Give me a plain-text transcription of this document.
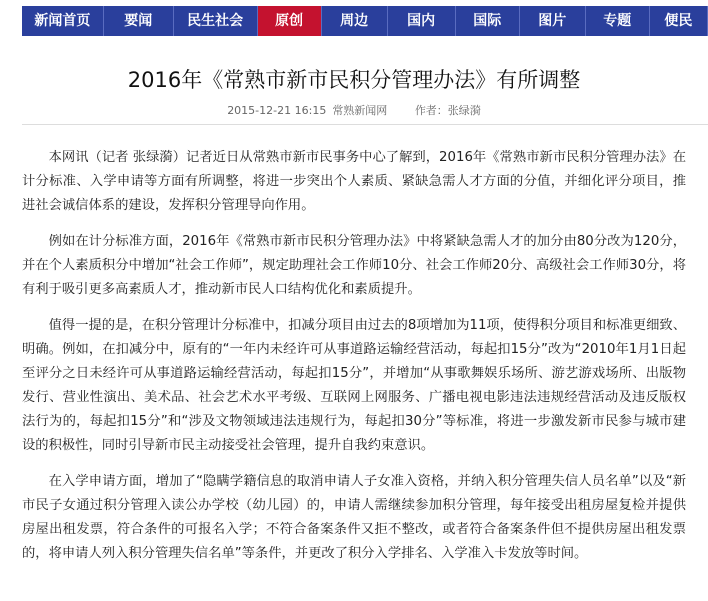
新闻首页	要闻	民生社会	原创	周边	国内	国际	图片	专题	便民
2016年《常熟市新市民积分管理办法》有所调整
2015-12-21 16:15 常熟新闻网	作者：张绿漪

本网讯（记者 张绿漪）记者近日从常熟市新市民事务中心了解到，2016年《常熟市新市民积分管理办法》在计分标准、入学申请等方面有所调整，将进一步突出个人素质、紧缺急需人才方面的分值，并细化评分项目，推进社会诚信体系的建设，发挥积分管理导向作用。

例如在计分标准方面，2016年《常熟市新市民积分管理办法》中将紧缺急需人才的加分由80分改为120分，并在个人素质积分中增加“社会工作师”，规定助理社会工作师10分、社会工作师20分、高级社会工作师30分，将有利于吸引更多高素质人才，推动新市民人口结构优化和素质提升。

值得一提的是，在积分管理计分标准中，扣减分项目由过去的8项增加为11项，使得积分项目和标准更细致、明确。例如，在扣减分中，原有的“一年内未经许可从事道路运输经营活动，每起扣15分”改为“2010年1月1日起至评分之日未经许可从事道路运输经营活动，每起扣15分”，并增加“从事歌舞娱乐场所、游艺游戏场所、出版物发行、营业性演出、美术品、社会艺术水平考级、互联网上网服务、广播电视电影违法违规经营活动及违反版权法行为的，每起扣15分”和“涉及文物领域违法违规行为，每起扣30分”等标准，将进一步激发新市民参与城市建设的积极性，同时引导新市民主动接受社会管理，提升自我约束意识。

在入学申请方面，增加了“隐瞒学籍信息的取消申请人子女准入资格，并纳入积分管理失信人员名单”以及“新市民子女通过积分管理入读公办学校（幼儿园）的，申请人需继续参加积分管理，每年接受出租房屋复检并提供房屋出租发票，符合条件的可报名入学；不符合备案条件又拒不整改，或者符合备案条件但不提供房屋出租发票的，将申请人列入积分管理失信名单”等条件，并更改了积分入学排名、入学准入卡发放等时间。
